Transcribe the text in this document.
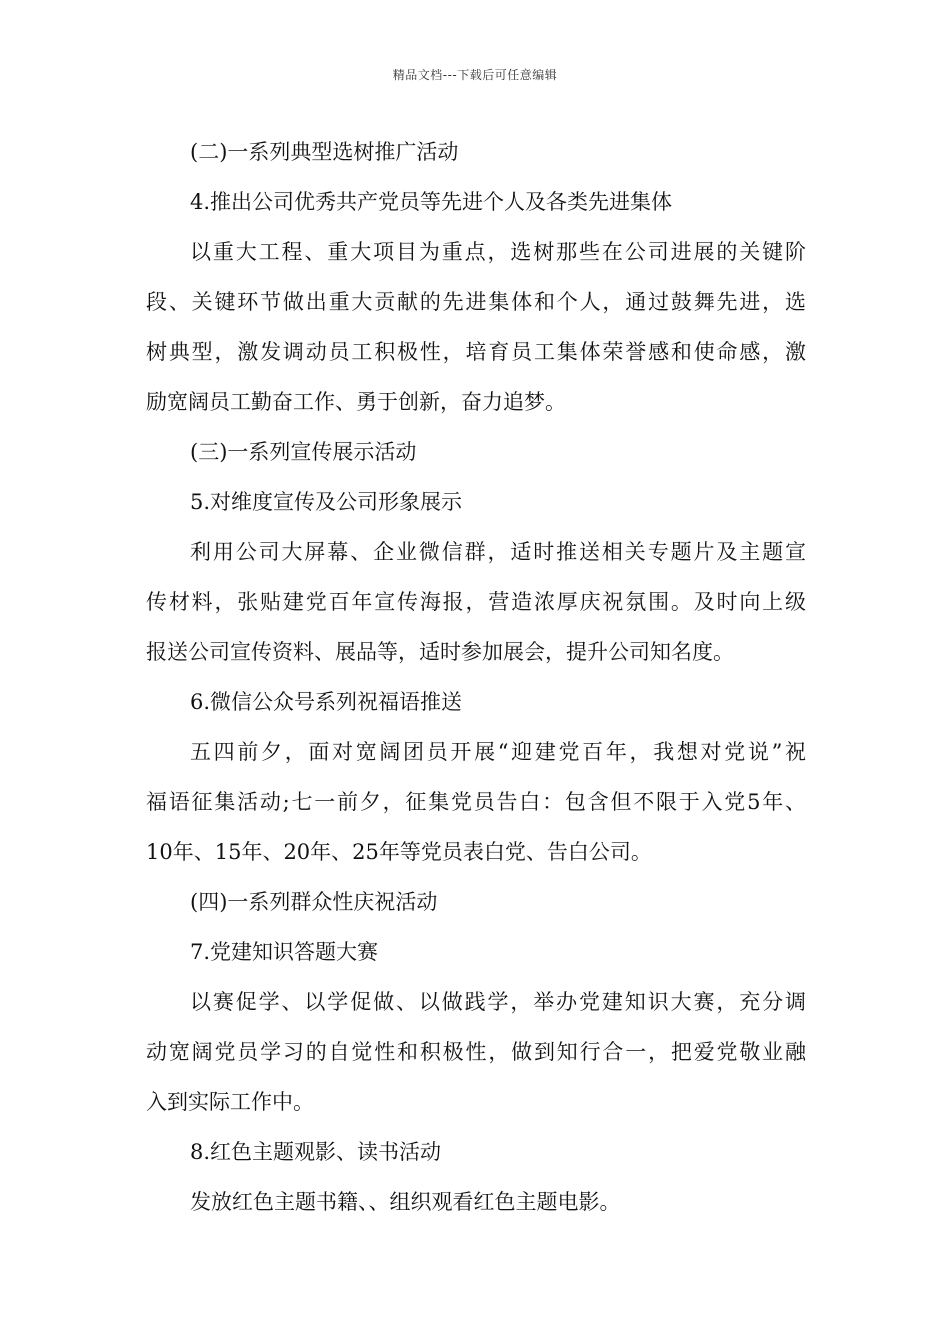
精品文档---下载后可任意编辑
(二)一系列典型选树推广活动
4.推出公司优秀共产党员等先进个人及各类先进集体
以重大工程、重大项目为重点，选树那些在公司进展的关键阶
段、关键环节做出重大贡献的先进集体和个人，通过鼓舞先进，选
树典型，激发调动员工积极性，培育员工集体荣誉感和使命感，激
励宽阔员工勤奋工作、勇于创新，奋力追梦。
(三)一系列宣传展示活动
5.对维度宣传及公司形象展示
利用公司大屏幕、企业微信群，适时推送相关专题片及主题宣
传材料，张贴建党百年宣传海报，营造浓厚庆祝氛围。及时向上级
报送公司宣传资料、展品等，适时参加展会，提升公司知名度。
6.微信公众号系列祝福语推送
五四前夕，面对宽阔团员开展“迎建党百年，我想对党说”祝
福语征集活动;七一前夕，征集党员告白：包含但不限于入党5年、
10年、15年、20年、25年等党员表白党、告白公司。
(四)一系列群众性庆祝活动
7.党建知识答题大赛
以赛促学、以学促做、以做践学，举办党建知识大赛，充分调
动宽阔党员学习的自觉性和积极性，做到知行合一，把爱党敬业融
入到实际工作中。
8.红色主题观影、读书活动
发放红色主题书籍、、组织观看红色主题电影。
